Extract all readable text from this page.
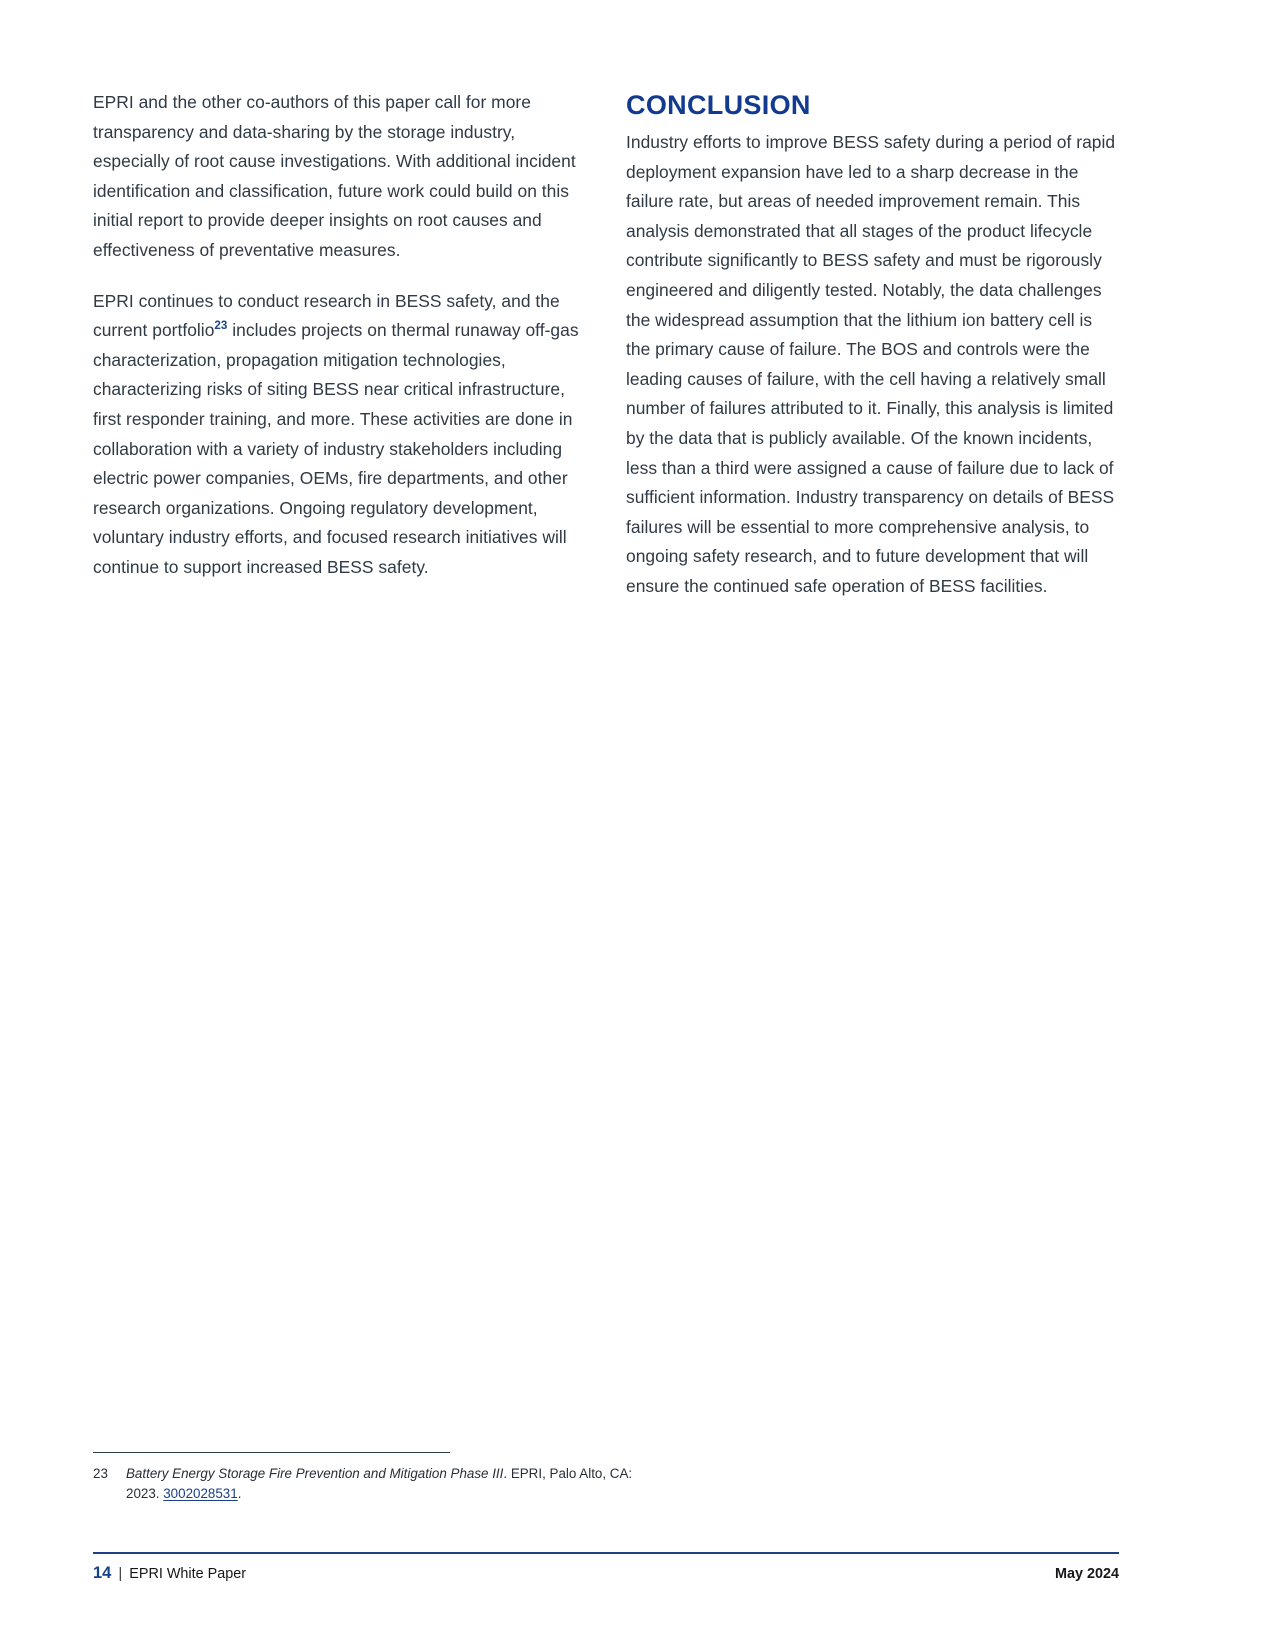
EPRI and the other co-authors of this paper call for more transparency and data-sharing by the storage industry, especially of root cause investigations. With additional incident identification and classification, future work could build on this initial report to provide deeper insights on root causes and effectiveness of preventative measures.

EPRI continues to conduct research in BESS safety, and the current portfolio$^{23}$ includes projects on thermal runaway off-gas characterization, propagation mitigation technologies, characterizing risks of siting BESS near critical infrastructure, first responder training, and more. These activities are done in collaboration with a variety of industry stakeholders including electric power companies, OEMs, fire departments, and other research organizations. Ongoing regulatory development, voluntary industry efforts, and focused research initiatives will continue to support increased BESS safety.

CONCLUSION

Industry efforts to improve BESS safety during a period of rapid deployment expansion have led to a sharp decrease in the failure rate, but areas of needed improvement remain. This analysis demonstrated that all stages of the product lifecycle contribute significantly to BESS safety and must be rigorously engineered and diligently tested. Notably, the data challenges the widespread assumption that the lithium ion battery cell is the primary cause of failure. The BOS and controls were the leading causes of failure, with the cell having a relatively small number of failures attributed to it. Finally, this analysis is limited by the data that is publicly available. Of the known incidents, less than a third were assigned a cause of failure due to lack of sufficient information. Industry transparency on details of BESS failures will be essential to more comprehensive analysis, to ongoing safety research, and to future development that will ensure the continued safe operation of BESS facilities.

23	Battery Energy Storage Fire Prevention and Mitigation Phase III. EPRI, Palo Alto, CA: 2023. 3002028531.
14 | EPRI White Paper	May 2024
